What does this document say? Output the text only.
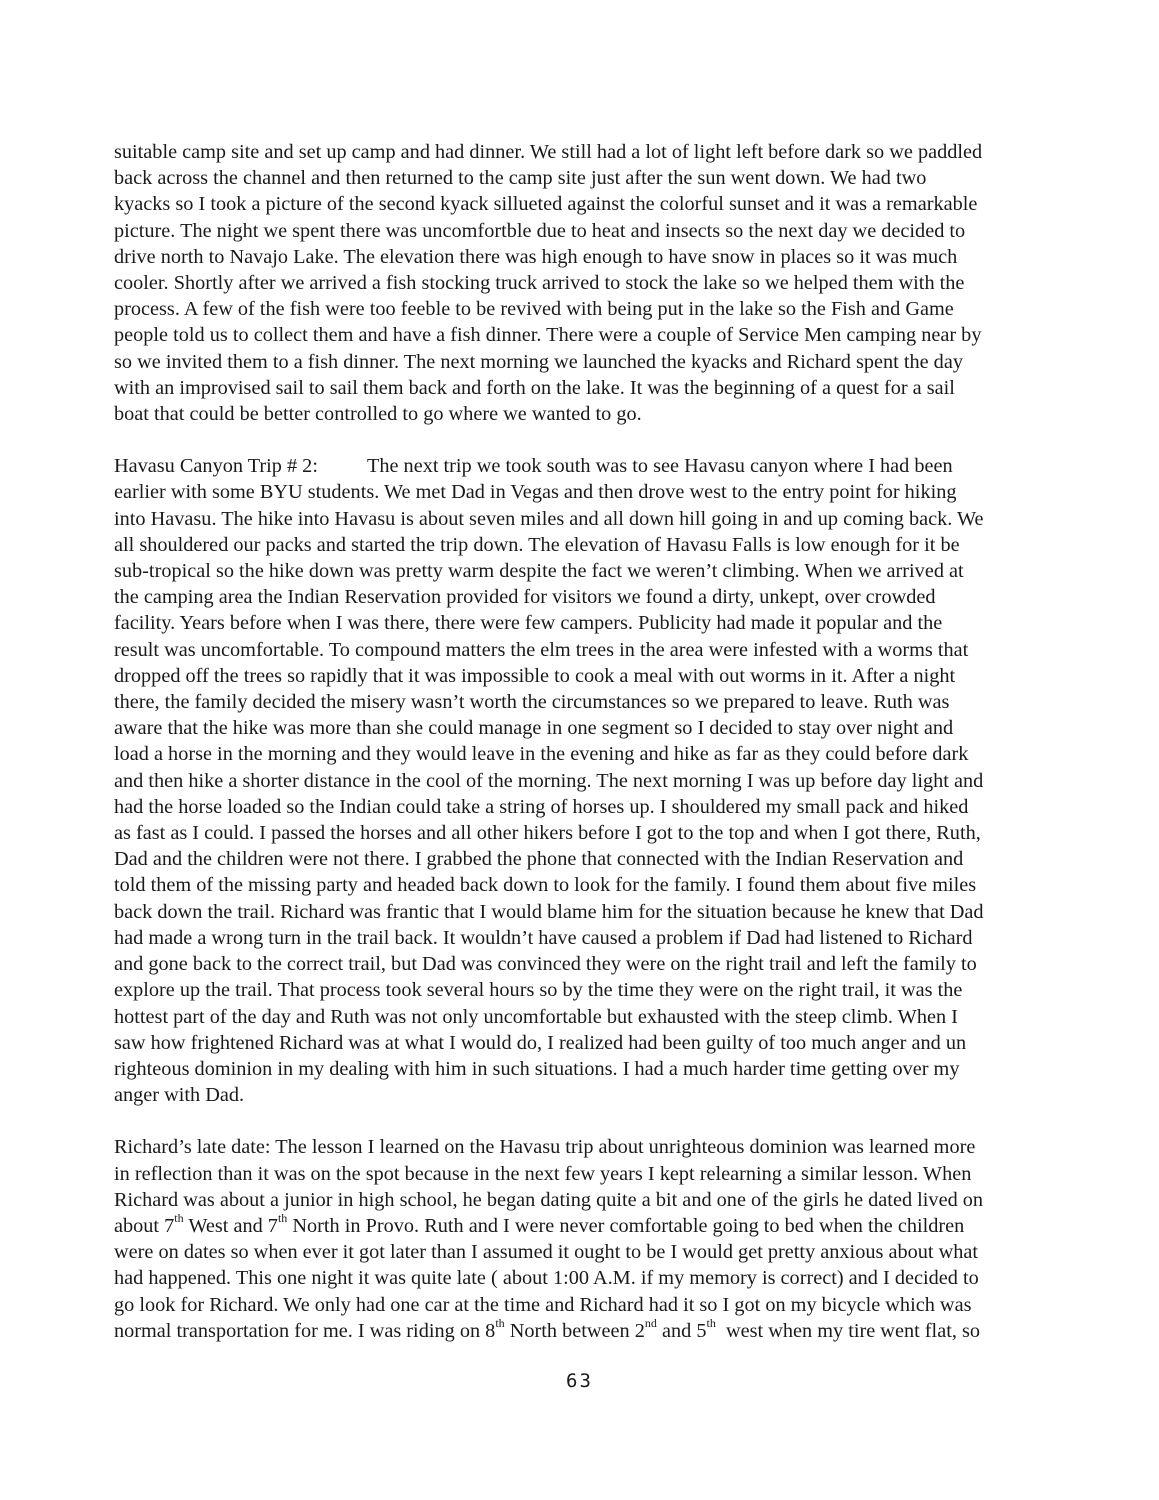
suitable camp site and set up camp and had dinner. We still had a lot of light left before dark so we paddled

back across the channel and then returned to the camp site just after the sun went down. We had two

kyacks so I took a picture of the second kyack sillueted against the colorful sunset and it was a remarkable

picture. The night we spent there was uncomfortble due to heat and insects so the next day we decided to

drive north to Navajo Lake. The elevation there was high enough to have snow in places so it was much

cooler. Shortly after we arrived a fish stocking truck arrived to stock the lake so we helped them with the

process. A few of the fish were too feeble to be revived with being put in the lake so the Fish and Game

people told us to collect them and have a fish dinner. There were a couple of Service Men camping near by

so we invited them to a fish dinner. The next morning we launched the kyacks and Richard spent the day

with an improvised sail to sail them back and forth on the lake. It was the beginning of a quest for a sail

boat that could be better controlled to go where we wanted to go.

Havasu Canyon Trip # 2: The next trip we took south was to see Havasu canyon where I had been

earlier with some BYU students. We met Dad in Vegas and then drove west to the entry point for hiking

into Havasu. The hike into Havasu is about seven miles and all down hill going in and up coming back. We

all shouldered our packs and started the trip down. The elevation of Havasu Falls is low enough for it be

sub-tropical so the hike down was pretty warm despite the fact we weren’t climbing. When we arrived at

the camping area the Indian Reservation provided for visitors we found a dirty, unkept, over crowded

facility. Years before when I was there, there were few campers. Publicity had made it popular and the

result was uncomfortable. To compound matters the elm trees in the area were infested with a worms that

dropped off the trees so rapidly that it was impossible to cook a meal with out worms in it. After a night

there, the family decided the misery wasn’t worth the circumstances so we prepared to leave. Ruth was

aware that the hike was more than she could manage in one segment so I decided to stay over night and

load a horse in the morning and they would leave in the evening and hike as far as they could before dark

and then hike a shorter distance in the cool of the morning. The next morning I was up before day light and

had the horse loaded so the Indian could take a string of horses up. I shouldered my small pack and hiked

as fast as I could. I passed the horses and all other hikers before I got to the top and when I got there, Ruth,

Dad and the children were not there. I grabbed the phone that connected with the Indian Reservation and

told them of the missing party and headed back down to look for the family. I found them about five miles

back down the trail. Richard was frantic that I would blame him for the situation because he knew that Dad

had made a wrong turn in the trail back. It wouldn’t have caused a problem if Dad had listened to Richard

and gone back to the correct trail, but Dad was convinced they were on the right trail and left the family to

explore up the trail. That process took several hours so by the time they were on the right trail, it was the

hottest part of the day and Ruth was not only uncomfortable but exhausted with the steep climb. When I

saw how frightened Richard was at what I would do, I realized had been guilty of too much anger and un

righteous dominion in my dealing with him in such situations. I had a much harder time getting over my

anger with Dad.

Richard’s late date: The lesson I learned on the Havasu trip about unrighteous dominion was learned more

in reflection than it was on the spot because in the next few years I kept relearning a similar lesson. When

Richard was about a junior in high school, he began dating quite a bit and one of the girls he dated lived on

about 7th West and 7th North in Provo. Ruth and I were never comfortable going to bed when the children

were on dates so when ever it got later than I assumed it ought to be I would get pretty anxious about what

had happened. This one night it was quite late ( about 1:00 A.M. if my memory is correct) and I decided to

go look for Richard. We only had one car at the time and Richard had it so I got on my bicycle which was

normal transportation for me. I was riding on 8th North between 2nd and 5th  west when my tire went flat, so

63
